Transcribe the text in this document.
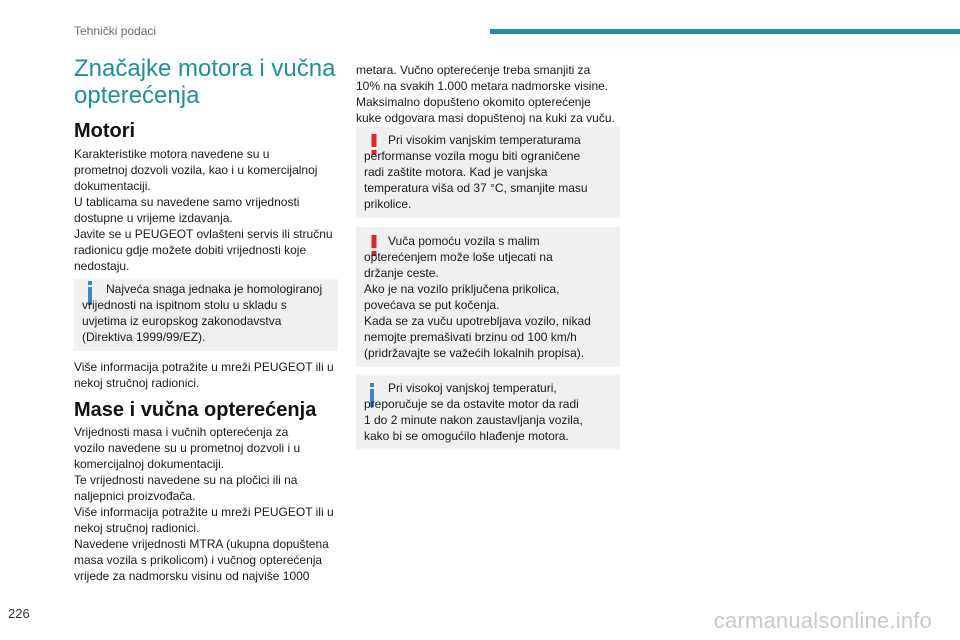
Tehnički podaci
Značajke motora i vučna
opterećenja
Motori

Karakteristike motora navedene su u
prometnoj dozvoli vozila, kao i u komercijalnoj
dokumentaciji.
U tablicama su navedene samo vrijednosti
dostupne u vrijeme izdavanja.
Javite se u PEUGEOT ovlašteni servis ili stručnu
radionicu gdje možete dobiti vrijednosti koje
nedostaju.

Najveća snaga jednaka je homologiranoj
vrijednosti na ispitnom stolu u skladu s
uvjetima iz europskog zakonodavstva
(Direktiva 1999/99/EZ).

Više informacija potražite u mreži PEUGEOT ili u
nekoj stručnoj radionici.

Mase i vučna opterećenja

Vrijednosti masa i vučnih opterećenja za
vozilo navedene su u prometnoj dozvoli i u
komercijalnoj dokumentaciji.
Te vrijednosti navedene su na pločici ili na
naljepnici proizvođača.
Više informacija potražite u mreži PEUGEOT ili u
nekoj stručnoj radionici.
Navedene vrijednosti MTRA (ukupna dopuštena
masa vozila s prikolicom) i vučnog opterećenja
vrijede za nadmorsku visinu od najviše 1000

metara. Vučno opterećenje treba smanjiti za
10% na svakih 1.000 metara nadmorske visine.
Maksimalno dopušteno okomito opterećenje
kuke odgovara masi dopuštenoj na kuki za vuču.

Pri visokim vanjskim temperaturama
performanse vozila mogu biti ograničene
radi zaštite motora. Kad je vanjska
temperatura viša od 37 °C, smanjite masu
prikolice.

Vuča pomoću vozila s malim
opterećenjem može loše utjecati na
držanje ceste.
Ako je na vozilo priključena prikolica,
povećava se put kočenja.
Kada se za vuču upotrebljava vozilo, nikad
nemojte premašivati brzinu od 100 km/h
(pridržavajte se važećih lokalnih propisa).

Pri visokoj vanjskoj temperaturi,
preporučuje se da ostavite motor da radi
1 do 2 minute nakon zaustavljanja vozila,
kako bi se omogućilo hlađenje motora.

226	carmanualsonline.info
